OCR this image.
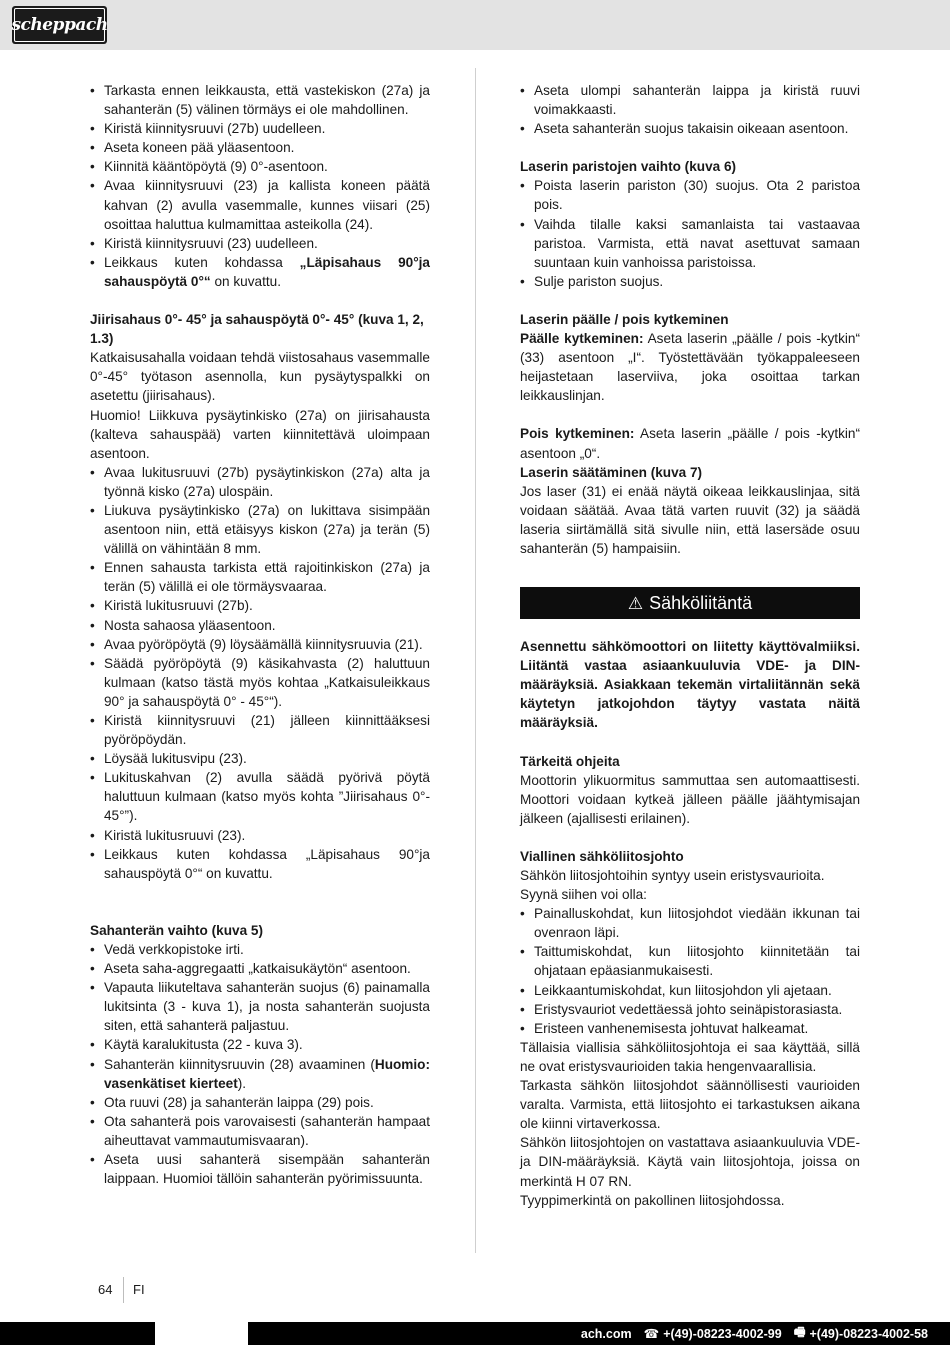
scheppach
• Tarkasta ennen leikkausta, että vastekiskon (27a) ja sahanterän (5) välinen törmäys ei ole mahdollinen.
• Kiristä kiinnitysruuvi (27b) uudelleen.
• Aseta koneen pää yläasentoon.
• Kiinnitä kääntöpöytä (9) 0°-asentoon.
• Avaa kiinnitysruuvi (23) ja kallista koneen päätä kahvan (2) avulla vasemmalle, kunnes viisari (25) osoittaa haluttua kulmamittaa asteikolla (24).
• Kiristä kiinnitysruuvi (23) uudelleen.
• Leikkaus kuten kohdassa „Läpisahaus 90°ja sahauspöytä 0°“ on kuvattu.

Jiirisahaus 0°- 45° ja sahauspöytä 0°- 45° (kuva 1, 2, 1.3)

Katkaisusahalla voidaan tehdä viistosahaus vasemmalle 0°-45° työtason asennolla, kun pysäytyspalkki on asetettu (jiirisahaus).

Huomio! Liikkuva pysäytinkisko (27a) on jiirisahausta (kalteva sahauspää) varten kiinnitettävä uloimpaan asentoon.

• Avaa lukitusruuvi (27b) pysäytinkiskon (27a) alta ja työnnä kisko (27a) ulospäin.
• Liukuva pysäytinkisko (27a) on lukittava sisimpään asentoon niin, että etäisyys kiskon (27a) ja terän (5) välillä on vähintään 8 mm.
• Ennen sahausta tarkista että rajoitinkiskon (27a) ja terän (5) välillä ei ole törmäysvaaraa.
• Kiristä lukitusruuvi (27b).
• Nosta sahaosa yläasentoon.
• Avaa pyöröpöytä (9) löysäämällä kiinnitysruuvia (21).
• Säädä pyöröpöytä (9) käsikahvasta (2) haluttuun kulmaan (katso tästä myös kohtaa „Katkaisuleikkaus 90° ja sahauspöytä 0° - 45°“).
• Kiristä kiinnitysruuvi (21) jälleen kiinnittääksesi pyöröpöydän.
• Löysää lukitusvipu (23).
• Lukituskahvan (2) avulla säädä pyörivä pöytä haluttuun kulmaan (katso myös kohta ”Jiirisahaus 0°- 45°”).
• Kiristä lukitusruuvi (23).
• Leikkaus kuten kohdassa „Läpisahaus 90°ja sahauspöytä 0°“ on kuvattu.

Sahanterän vaihto (kuva 5)

• Vedä verkkopistoke irti.
• Aseta saha-aggregaatti „katkaisukäytön“ asentoon.
• Vapauta liikuteltava sahanterän suojus (6) painamalla lukitsinta (3 - kuva 1), ja nosta sahanterän suojusta siten, että sahanterä paljastuu.
• Käytä karalukitusta (22 - kuva 3).
• Sahanterän kiinnitysruuvin (28) avaaminen (Huomio: vasenkätiset kierteet).
• Ota ruuvi (28) ja sahanterän laippa (29) pois.
• Ota sahanterä pois varovaisesti (sahanterän hampaat aiheuttavat vammautumisvaaran).
• Aseta uusi sahanterä sisempään sahanterän laippaan. Huomioi tällöin sahanterän pyörimissuunta.
• Aseta ulompi sahanterän laippa ja kiristä ruuvi voimakkaasti.
• Aseta sahanterän suojus takaisin oikeaan asentoon.

Laserin paristojen vaihto (kuva 6)

• Poista laserin pariston (30) suojus. Ota 2 paristoa pois.
• Vaihda tilalle kaksi samanlaista tai vastaavaa paristoa. Varmista, että navat asettuvat samaan suuntaan kuin vanhoissa paristoissa.
• Sulje pariston suojus.

Laserin päälle / pois kytkeminen

Päälle kytkeminen: Aseta laserin „päälle / pois -kytkin“ (33) asentoon „I“. Työstettävään työkappaleeseen heijastetaan laserviiva, joka osoittaa tarkan leikkauslinjan.

Pois kytkeminen: Aseta laserin „päälle / pois -kytkin“ asentoon „0“.

Laserin säätäminen (kuva 7)

Jos laser (31) ei enää näytä oikeaa leikkauslinjaa, sitä voidaan säätää. Avaa tätä varten ruuvit (32) ja säädä laseria siirtämällä sitä sivulle niin, että lasersäde osuu sahanterän (5) hampaisiin.

⚠ Sähköliitäntä

Asennettu sähkömoottori on liitetty käyttövalmiiksi. Liitäntä vastaa asiaankuuluvia VDE- ja DIN-määräyksiä. Asiakkaan tekemän virtaliitännän sekä käytetyn jatkojohdon täytyy vastata näitä määräyksiä.

Tärkeitä ohjeita

Moottorin ylikuormitus sammuttaa sen automaattisesti. Moottori voidaan kytkeä jälleen päälle jäähtymisajan jälkeen (ajallisesti erilainen).

Viallinen sähköliitosjohto

Sähkön liitosjohtoihin syntyy usein eristysvaurioita.

Syynä siihen voi olla:

• Painalluskohdat, kun liitosjohdot viedään ikkunan tai ovenraon läpi.
• Taittumiskohdat, kun liitosjohto kiinnitetään tai ohjataan epäasianmukaisesti.
• Leikkaantumiskohdat, kun liitosjohdon yli ajetaan.
• Eristysvauriot vedettäessä johto seinäpistorasiasta.
• Eristeen vanhenemisesta johtuvat halkeamat.

Tällaisia viallisia sähköliitosjohtoja ei saa käyttää, sillä ne ovat eristysvaurioiden takia hengenvaarallisia.

Tarkasta sähkön liitosjohdot säännöllisesti vaurioiden varalta. Varmista, että liitosjohto ei tarkastuksen aikana ole kiinni virtaverkossa.

Sähkön liitosjohtojen on vastattava asiaankuuluvia VDE- ja DIN-määräyksiä. Käytä vain liitosjohtoja, joissa on merkintä H 07 RN.

Tyyppimerkintä on pakollinen liitosjohdossa.

64 FI
ach.com ☎ +(49)-08223-4002-99 🖷 +(49)-08223-4002-58
